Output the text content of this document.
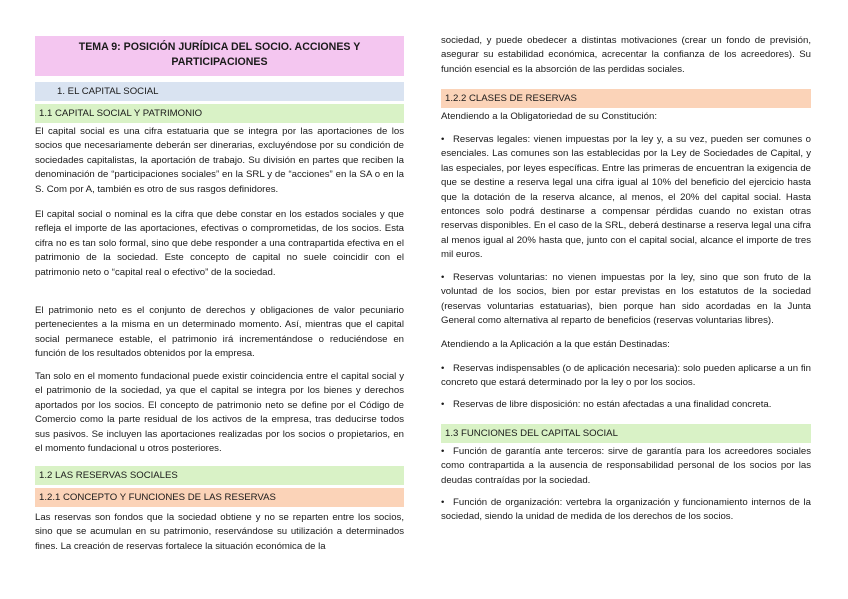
TEMA 9: POSICIÓN JURÍDICA DEL SOCIO. ACCIONES Y PARTICIPACIONES
1. EL CAPITAL SOCIAL
1.1 CAPITAL SOCIAL Y PATRIMONIO

El capital social es una cifra estatuaria que se integra por las aportaciones de los socios que necesariamente deberán ser dinerarias, excluyéndose por su condición de sociedades capitalistas, la aportación de trabajo. Su división en partes que reciben la denominación de “participaciones sociales” en la SRL y de “acciones” en la SA o en la S. Com por A, también es otro de sus rasgos definidores.

El capital social o nominal es la cifra que debe constar en los estados sociales y que refleja el importe de las aportaciones, efectivas o comprometidas, de los socios. Esta cifra no es tan solo formal, sino que debe responder a una contrapartida efectiva en el patrimonio de la sociedad. Este concepto de capital no suele coincidir con el patrimonio neto o “capital real o efectivo” de la sociedad.

El patrimonio neto es el conjunto de derechos y obligaciones de valor pecuniario pertenecientes a la misma en un determinado momento. Así, mientras que el capital social permanece estable, el patrimonio irá incrementándose o reduciéndose en función de los resultados obtenidos por la empresa.

Tan solo en el momento fundacional puede existir coincidencia entre el capital social y el patrimonio de la sociedad, ya que el capital se integra por los bienes y derechos aportados por los socios. El concepto de patrimonio neto se define por el Código de Comercio como la parte residual de los activos de la empresa, tras deducirse todos sus pasivos. Se incluyen las aportaciones realizadas por los socios o propietarios, en el momento fundacional u otros posteriores.

1.2 LAS RESERVAS SOCIALES
1.2.1 CONCEPTO Y FUNCIONES DE LAS RESERVAS

Las reservas son fondos que la sociedad obtiene y no se reparten entre los socios, sino que se acumulan en su patrimonio, reservándose su utilización a determinados fines. La creación de reservas fortalece la situación económica de la

sociedad, y puede obedecer a distintas motivaciones (crear un fondo de previsión, asegurar su estabilidad económica, acrecentar la confianza de los acreedores). Su función esencial es la absorción de las perdidas sociales.

1.2.2 CLASES DE RESERVAS

Atendiendo a la Obligatoriedad de su Constitución:

• Reservas legales: vienen impuestas por la ley y, a su vez, pueden ser comunes o esenciales. Las comunes son las establecidas por la Ley de Sociedades de Capital, y las especiales, por leyes específicas. Entre las primeras de encuentran la exigencia de que se destine a reserva legal una cifra igual al 10% del beneficio del ejercicio hasta que la dotación de la reserva alcance, al menos, el 20% del capital social. Hasta entonces solo podrá destinarse a compensar pérdidas cuando no existan otras reservas disponibles. En el caso de la SRL, deberá destinarse a reserva legal una cifra al menos igual al 20% hasta que, junto con el capital social, alcance el importe de tres mil euros.

• Reservas voluntarias: no vienen impuestas por la ley, sino que son fruto de la voluntad de los socios, bien por estar previstas en los estatutos de la sociedad (reservas voluntarias estatuarias), bien porque han sido acordadas en la Junta General como alternativa al reparto de beneficios (reservas voluntarias libres).

Atendiendo a la Aplicación a la que están Destinadas:

• Reservas indispensables (o de aplicación necesaria): solo pueden aplicarse a un fin concreto que estará determinado por la ley o por los socios.

• Reservas de libre disposición: no están afectadas a una finalidad concreta.

1.3 FUNCIONES DEL CAPITAL SOCIAL

• Función de garantía ante terceros: sirve de garantía para los acreedores sociales como contrapartida a la ausencia de responsabilidad personal de los socios por las deudas contraídas por la sociedad.

• Función de organización: vertebra la organización y funcionamiento internos de la sociedad, siendo la unidad de medida de los derechos de los socios.
